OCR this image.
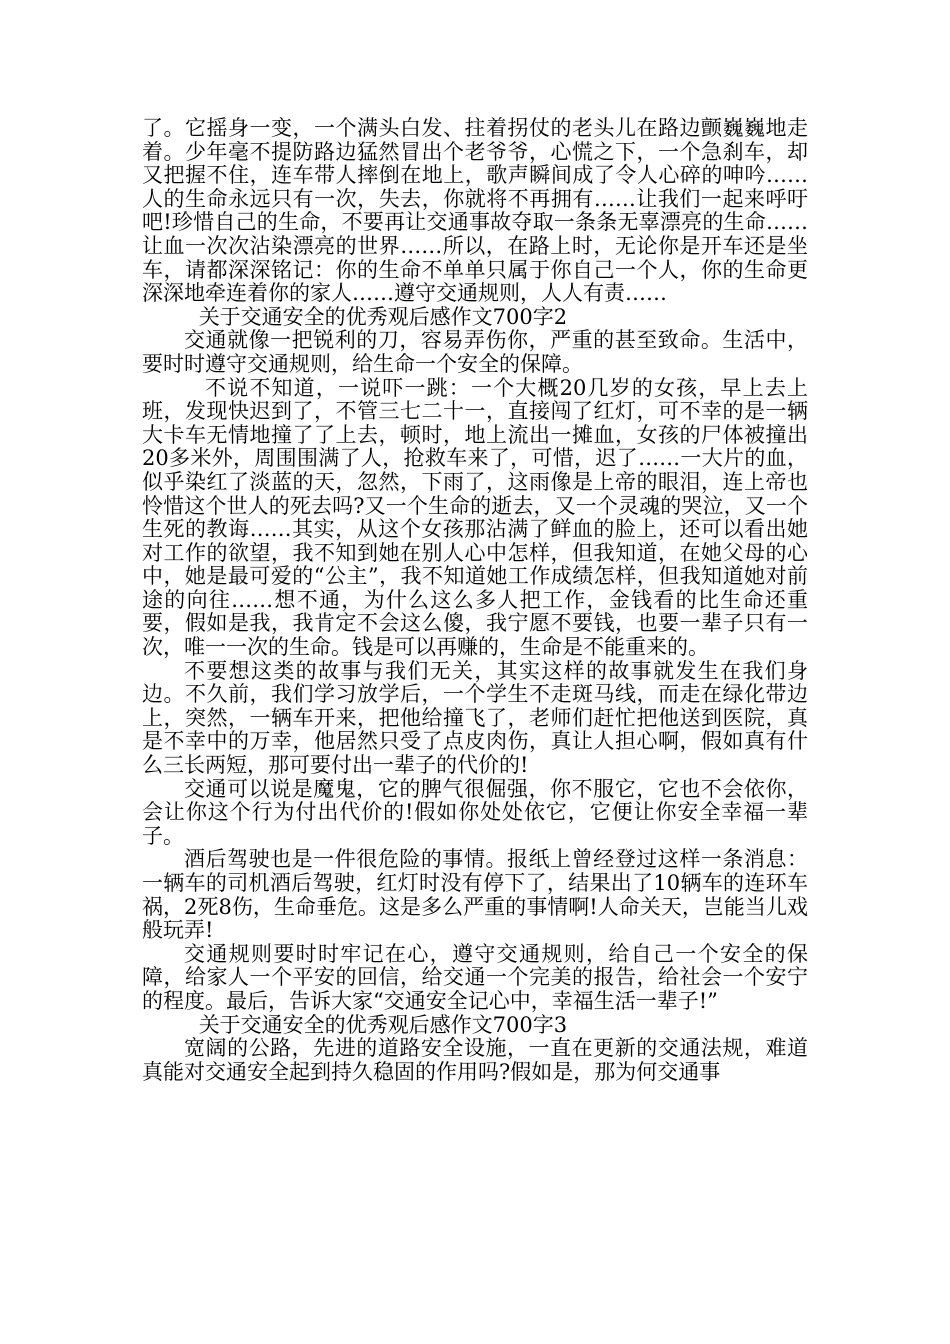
了。它摇身一变，一个满头白发、拄着拐仗的老头儿在路边颤巍巍地走着。少年毫不提防路边猛然冒出个老爷爷，心慌之下，一个急刹车，却又把握不住，连车带人摔倒在地上，歌声瞬间成了令人心碎的呻吟……人的生命永远只有一次，失去，你就将不再拥有……让我们一起来呼吁吧!珍惜自己的生命，不要再让交通事故夺取一条条无辜漂亮的生命……让血一次次沾染漂亮的世界……所以，在路上时，无论你是开车还是坐车，请都深深铭记：你的生命不单单只属于你自己一个人，你的生命更深深地牵连着你的家人……遵守交通规则，人人有责……

关于交通安全的优秀观后感作文700字2

交通就像一把锐利的刀，容易弄伤你，严重的甚至致命。生活中，要时时遵守交通规则，给生命一个安全的保障。

不说不知道，一说吓一跳：一个大概20几岁的女孩，早上去上班，发现快迟到了，不管三七二十一，直接闯了红灯，可不幸的是一辆大卡车无情地撞了了上去，顿时，地上流出一摊血，女孩的尸体被撞出20多米外，周围围满了人，抢救车来了，可惜，迟了……一大片的血，似乎染红了淡蓝的天，忽然，下雨了，这雨像是上帝的眼泪，连上帝也怜惜这个世人的死去吗?又一个生命的逝去，又一个灵魂的哭泣，又一个生死的教诲……其实，从这个女孩那沾满了鲜血的脸上，还可以看出她对工作的欲望，我不知到她在别人心中怎样，但我知道，在她父母的心中，她是最可爱的“公主”，我不知道她工作成绩怎样，但我知道她对前途的向往……想不通，为什么这么多人把工作，金钱看的比生命还重要，假如是我，我肯定不会这么傻，我宁愿不要钱，也要一辈子只有一次，唯一一次的生命。钱是可以再赚的，生命是不能重来的。

不要想这类的故事与我们无关，其实这样的故事就发生在我们身边。不久前，我们学习放学后，一个学生不走斑马线，而走在绿化带边上，突然，一辆车开来，把他给撞飞了，老师们赶忙把他送到医院，真是不幸中的万幸，他居然只受了点皮肉伤，真让人担心啊，假如真有什么三长两短，那可要付出一辈子的代价的!

交通可以说是魔鬼，它的脾气很倔强，你不服它，它也不会依你，会让你这个行为付出代价的!假如你处处依它，它便让你安全幸福一辈子。

酒后驾驶也是一件很危险的事情。报纸上曾经登过这样一条消息：一辆车的司机酒后驾驶，红灯时没有停下了，结果出了10辆车的连环车祸，2死8伤，生命垂危。这是多么严重的事情啊!人命关天，岂能当儿戏般玩弄!

交通规则要时时牢记在心，遵守交通规则，给自己一个安全的保障，给家人一个平安的回信，给交通一个完美的报告，给社会一个安宁的程度。最后，告诉大家“交通安全记心中，幸福生活一辈子!”

关于交通安全的优秀观后感作文700字3

宽阔的公路，先进的道路安全设施，一直在更新的交通法规，难道真能对交通安全起到持久稳固的作用吗?假如是，那为何交通事
